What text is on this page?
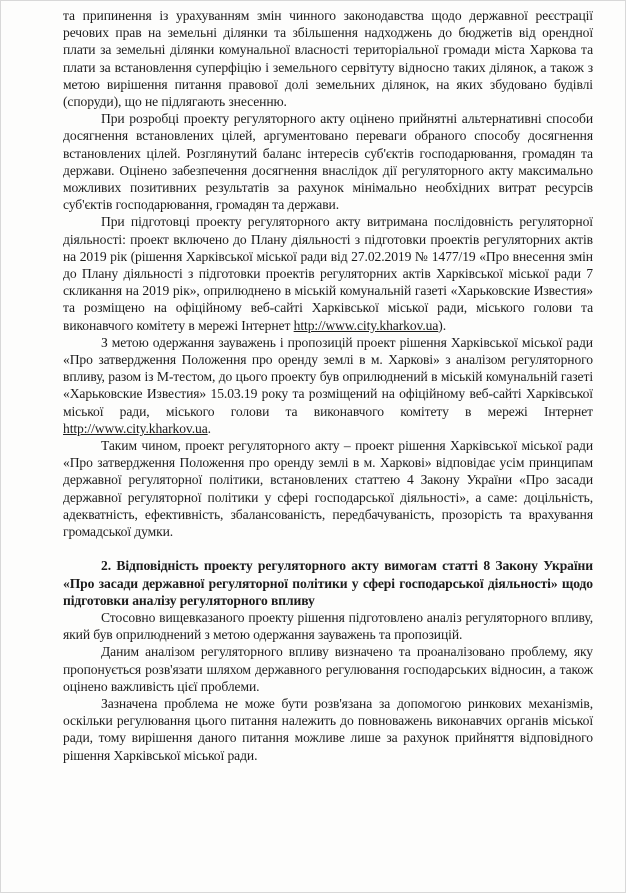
та припинення із урахуванням змін чинного законодавства щодо державної реєстрації речових прав на земельні ділянки та збільшення надходжень до бюджетів від орендної плати за земельні ділянки комунальної власності територіальної громади міста Харкова та плати за встановлення суперфіцію і земельного сервітуту відносно таких ділянок, а також з метою вирішення питання правової долі земельних ділянок, на яких збудовано будівлі (споруди), що не підлягають знесенню.

При розробці проекту регуляторного акту оцінено прийнятні альтернативні способи досягнення встановлених цілей, аргументовано переваги обраного способу досягнення встановлених цілей. Розглянутий баланс інтересів суб'єктів господарювання, громадян та держави. Оцінено забезпечення досягнення внаслідок дії регуляторного акту максимально можливих позитивних результатів за рахунок мінімально необхідних витрат ресурсів суб'єктів господарювання, громадян та держави.

При підготовці проекту регуляторного акту витримана послідовність регуляторної діяльності: проект включено до Плану діяльності з підготовки проектів регуляторних актів на 2019 рік (рішення Харківської міської ради від 27.02.2019 № 1477/19 «Про внесення змін до Плану діяльності з підготовки проектів регуляторних актів Харківської міської ради 7 скликання на 2019 рік», оприлюднено в міській комунальній газеті «Харьковские Известия» та розміщено на офіційному веб-сайті Харківської міської ради, міського голови та виконавчого комітету в мережі Інтернет http://www.city.kharkov.ua).

З метою одержання зауважень і пропозицій проект рішення Харківської міської ради «Про затвердження Положення про оренду землі в м. Харкові» з аналізом регуляторного впливу, разом із М-тестом, до цього проекту був оприлюднений в міській комунальній газеті «Харьковские Известия» 15.03.19 року та розміщений на офіційному веб-сайті Харківської міської ради, міського голови та виконавчого комітету в мережі Інтернет http://www.city.kharkov.ua.

Таким чином, проект регуляторного акту – проект рішення Харківської міської ради «Про затвердження Положення про оренду землі в м. Харкові» відповідає усім принципам державної регуляторної політики, встановлених статтею 4 Закону України «Про засади державної регуляторної політики у сфері господарської діяльності», а саме: доцільність, адекватність, ефективність, збалансованість, передбачуваність, прозорість та врахування громадської думки.

2. Відповідність проекту регуляторного акту вимогам статті 8 Закону України «Про засади державної регуляторної політики у сфері господарської діяльності» щодо підготовки аналізу регуляторного впливу

Стосовно вищевказаного проекту рішення підготовлено аналіз регуляторного впливу, який був оприлюднений з метою одержання зауважень та пропозицій.

Даним аналізом регуляторного впливу визначено та проаналізовано проблему, яку пропонується розв'язати шляхом державного регулювання господарських відносин, а також оцінено важливість цієї проблеми.

Зазначена проблема не може бути розв'язана за допомогою ринкових механізмів, оскільки регулювання цього питання належить до повноважень виконавчих органів міської ради, тому вирішення даного питання можливе лише за рахунок прийняття відповідного рішення Харківської міської ради.
